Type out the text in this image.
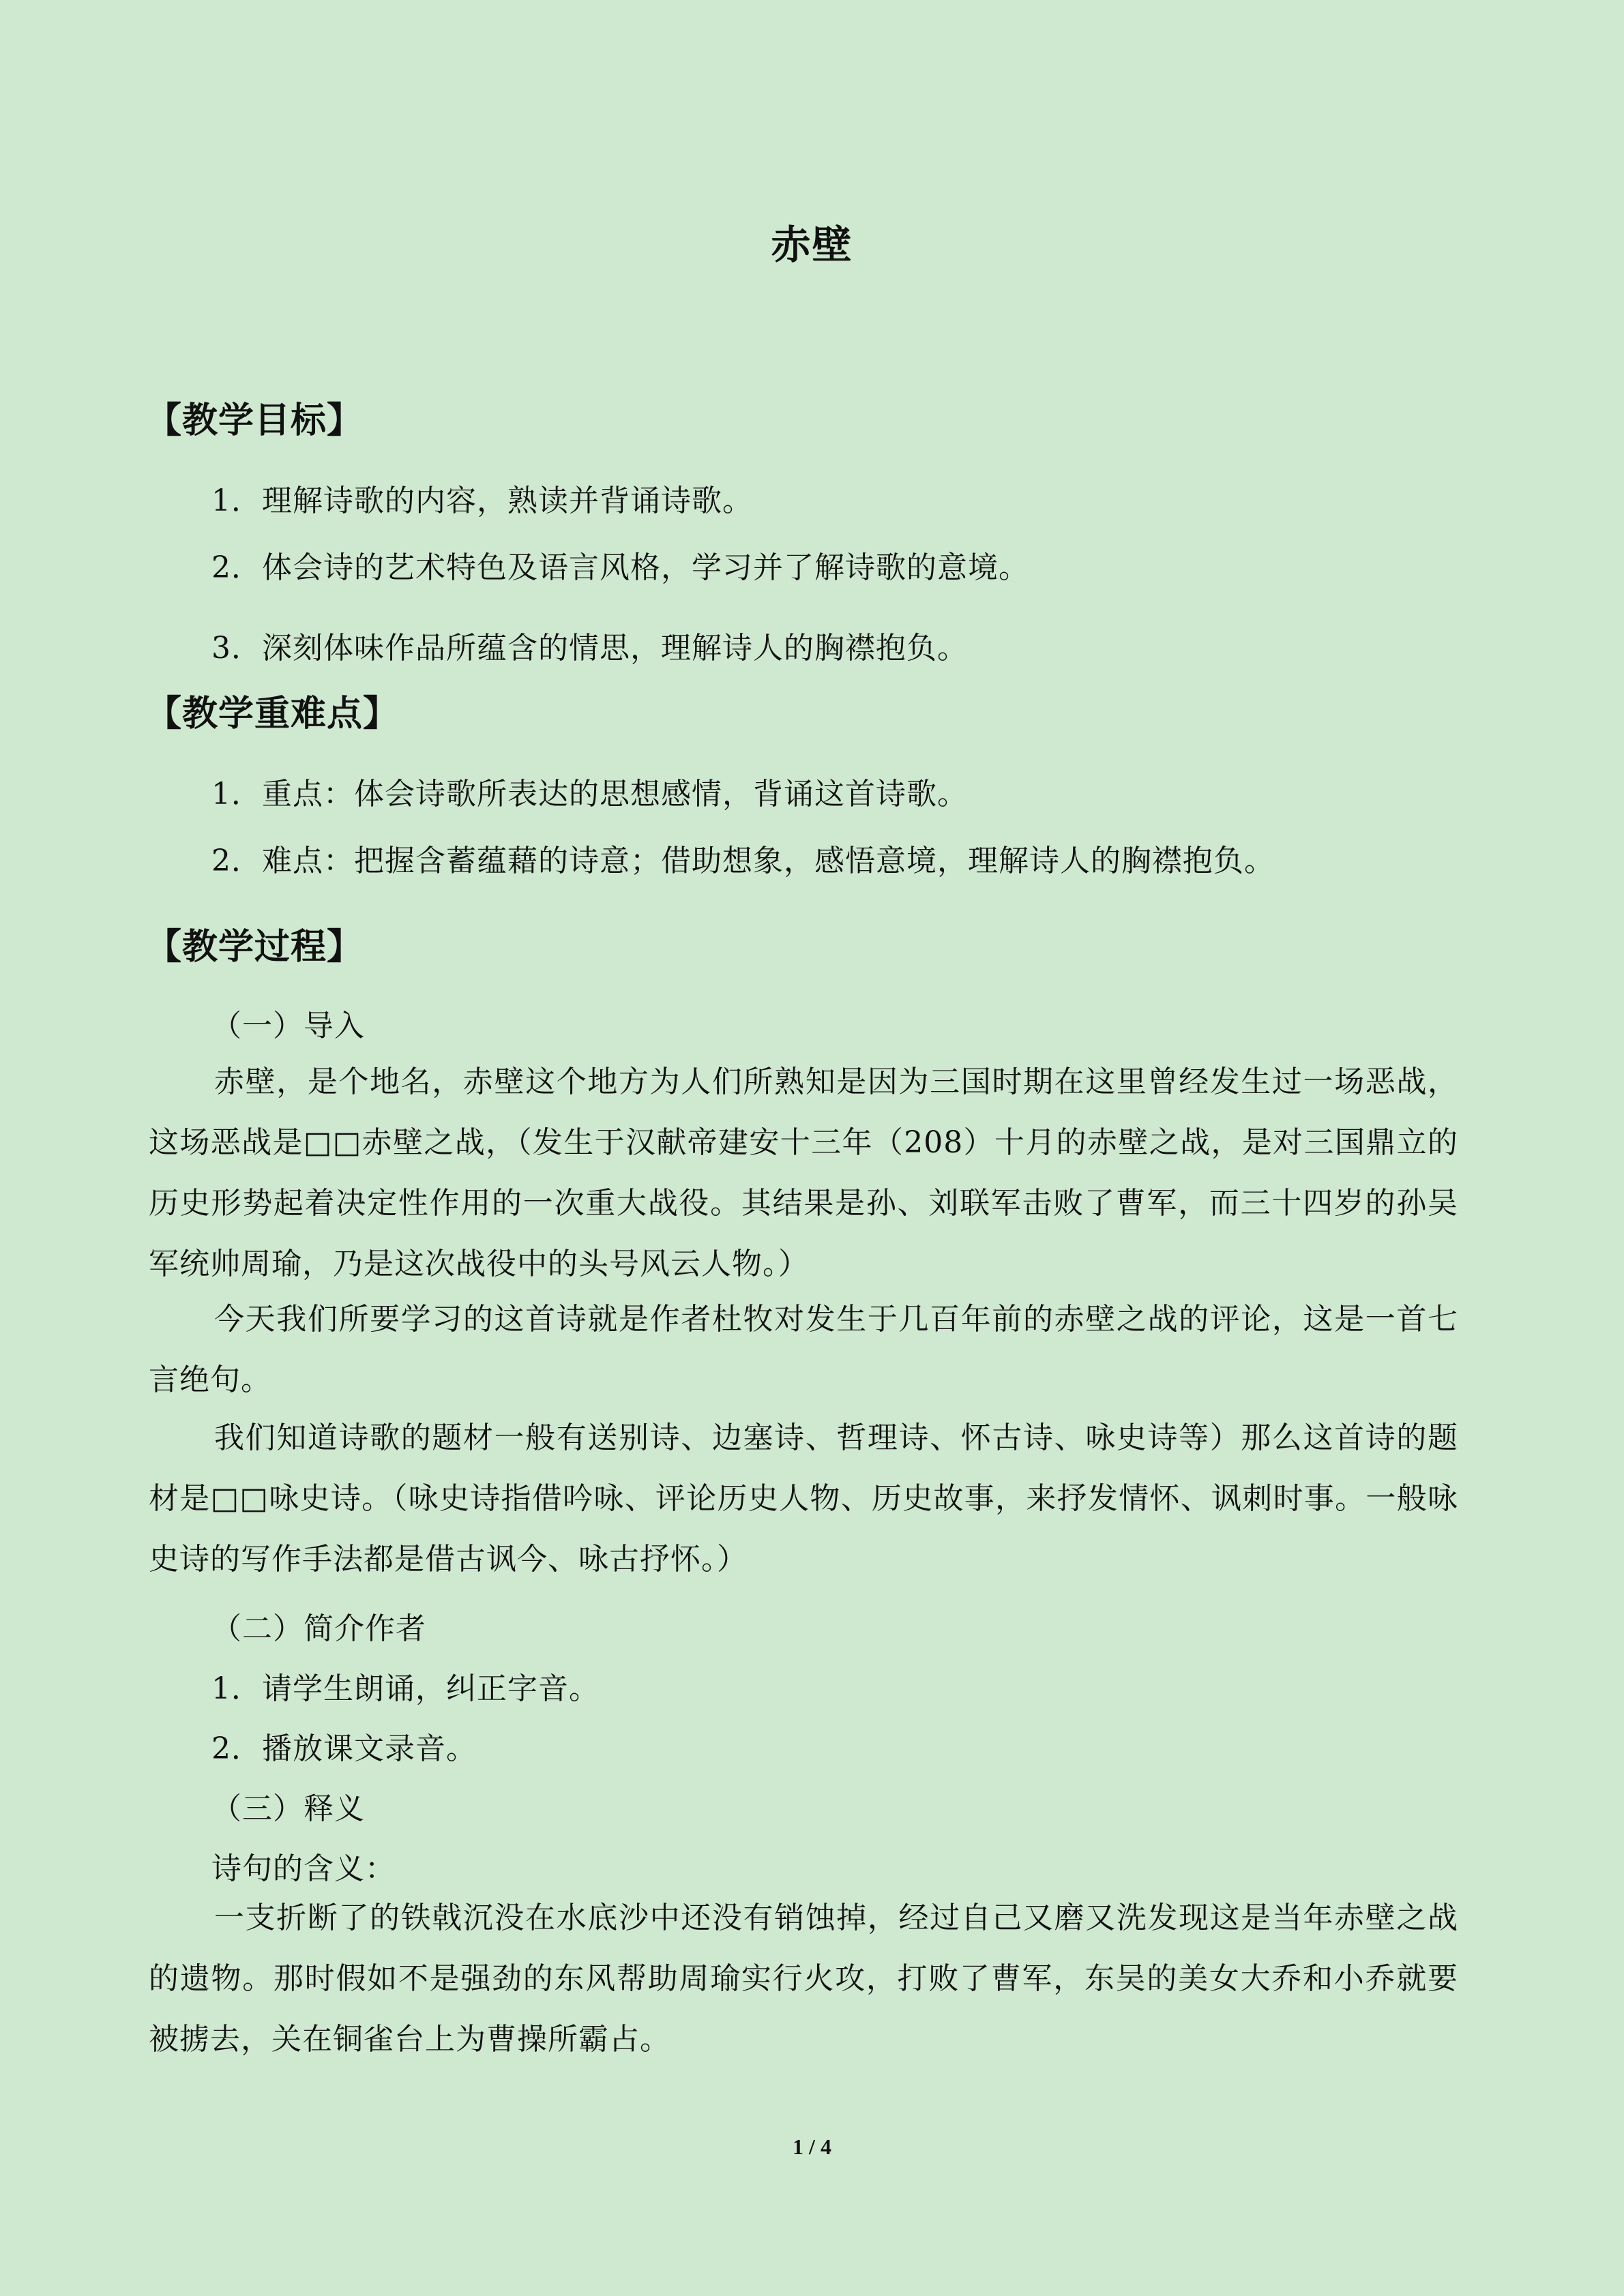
赤壁
【教学目标】
1．理解诗歌的内容，熟读并背诵诗歌。
2．体会诗的艺术特色及语言风格，学习并了解诗歌的意境。
3．深刻体味作品所蕴含的情思，理解诗人的胸襟抱负。
【教学重难点】
1．重点：体会诗歌所表达的思想感情，背诵这首诗歌。
2．难点：把握含蓄蕴藉的诗意；借助想象，感悟意境，理解诗人的胸襟抱负。
【教学过程】
（一）导入
赤壁，是个地名，赤壁这个地方为人们所熟知是因为三国时期在这里曾经发生过一场恶战，这场恶战是□□赤壁之战，（发生于汉献帝建安十三年（208）十月的赤壁之战，是对三国鼎立的历史形势起着决定性作用的一次重大战役。其结果是孙、刘联军击败了曹军，而三十四岁的孙吴军统帅周瑜，乃是这次战役中的头号风云人物。）
今天我们所要学习的这首诗就是作者杜牧对发生于几百年前的赤壁之战的评论，这是一首七言绝句。
我们知道诗歌的题材一般有送别诗、边塞诗、哲理诗、怀古诗、咏史诗等）那么这首诗的题材是□□咏史诗。（咏史诗指借吟咏、评论历史人物、历史故事，来抒发情怀、讽刺时事。一般咏史诗的写作手法都是借古讽今、咏古抒怀。）
（二）简介作者
1．请学生朗诵，纠正字音。
2．播放课文录音。
（三）释义
诗句的含义：
一支折断了的铁戟沉没在水底沙中还没有销蚀掉，经过自己又磨又洗发现这是当年赤壁之战的遗物。那时假如不是强劲的东风帮助周瑜实行火攻，打败了曹军，东吴的美女大乔和小乔就要被掳去，关在铜雀台上为曹操所霸占。
1 / 4
